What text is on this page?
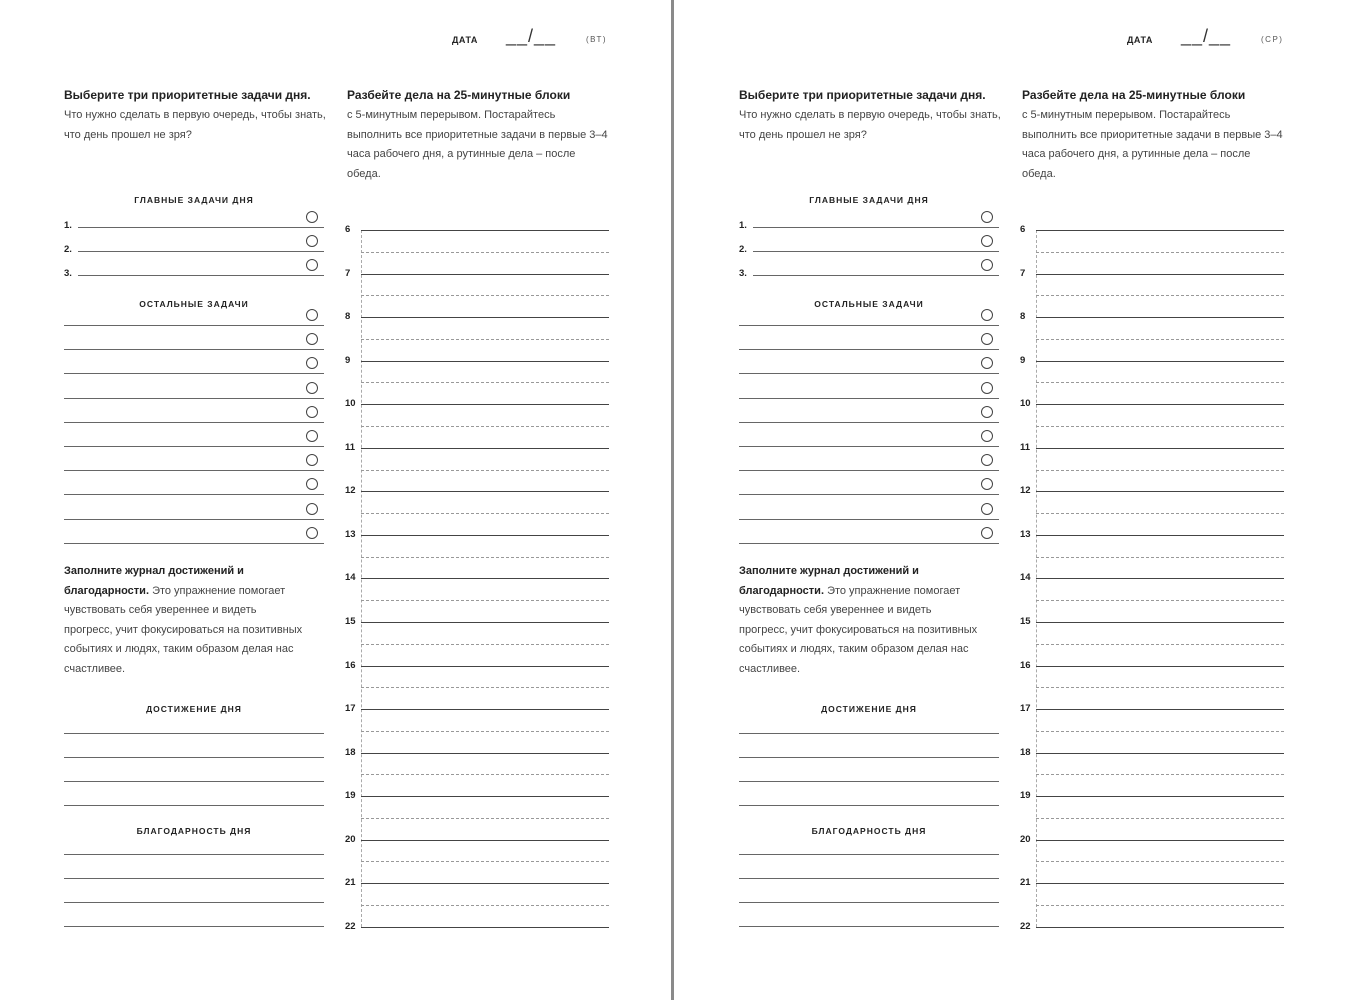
ДАТА __/__	(ВТ)
Выберите три приоритетные задачи дня.
Что нужно сделать в первую очередь, чтобы знать, что день прошел не зря?
Разбейте дела на 25-минутные блоки
с 5-минутным перерывом. Постарайтесь выполнить все приоритетные задачи в первые 3–4 часа рабочего дня, а рутинные дела – после обеда.
ГЛАВНЫЕ ЗАДАЧИ ДНЯ
1.
2.
3.
ОСТАЛЬНЫЕ ЗАДАЧИ
Заполните журнал достижений и благодарности. Это упражнение помогает чувствовать себя увереннее и видеть прогресс, учит фокусироваться на позитивных событиях и людях, таким образом делая нас счастливее.
ДОСТИЖЕНИЕ ДНЯ
БЛАГОДАРНОСТЬ ДНЯ
6
7
8
9
10
11
12
13
14
15
16
17
18
19
20
21
22
ДАТА __/__	(СР)
Выберите три приоритетные задачи дня.
Что нужно сделать в первую очередь, чтобы знать, что день прошел не зря?
Разбейте дела на 25-минутные блоки
с 5-минутным перерывом. Постарайтесь выполнить все приоритетные задачи в первые 3–4 часа рабочего дня, а рутинные дела – после обеда.
ГЛАВНЫЕ ЗАДАЧИ ДНЯ
1.
2.
3.
ОСТАЛЬНЫЕ ЗАДАЧИ
Заполните журнал достижений и благодарности. Это упражнение помогает чувствовать себя увереннее и видеть прогресс, учит фокусироваться на позитивных событиях и людях, таким образом делая нас счастливее.
ДОСТИЖЕНИЕ ДНЯ
БЛАГОДАРНОСТЬ ДНЯ
6
7
8
9
10
11
12
13
14
15
16
17
18
19
20
21
22
